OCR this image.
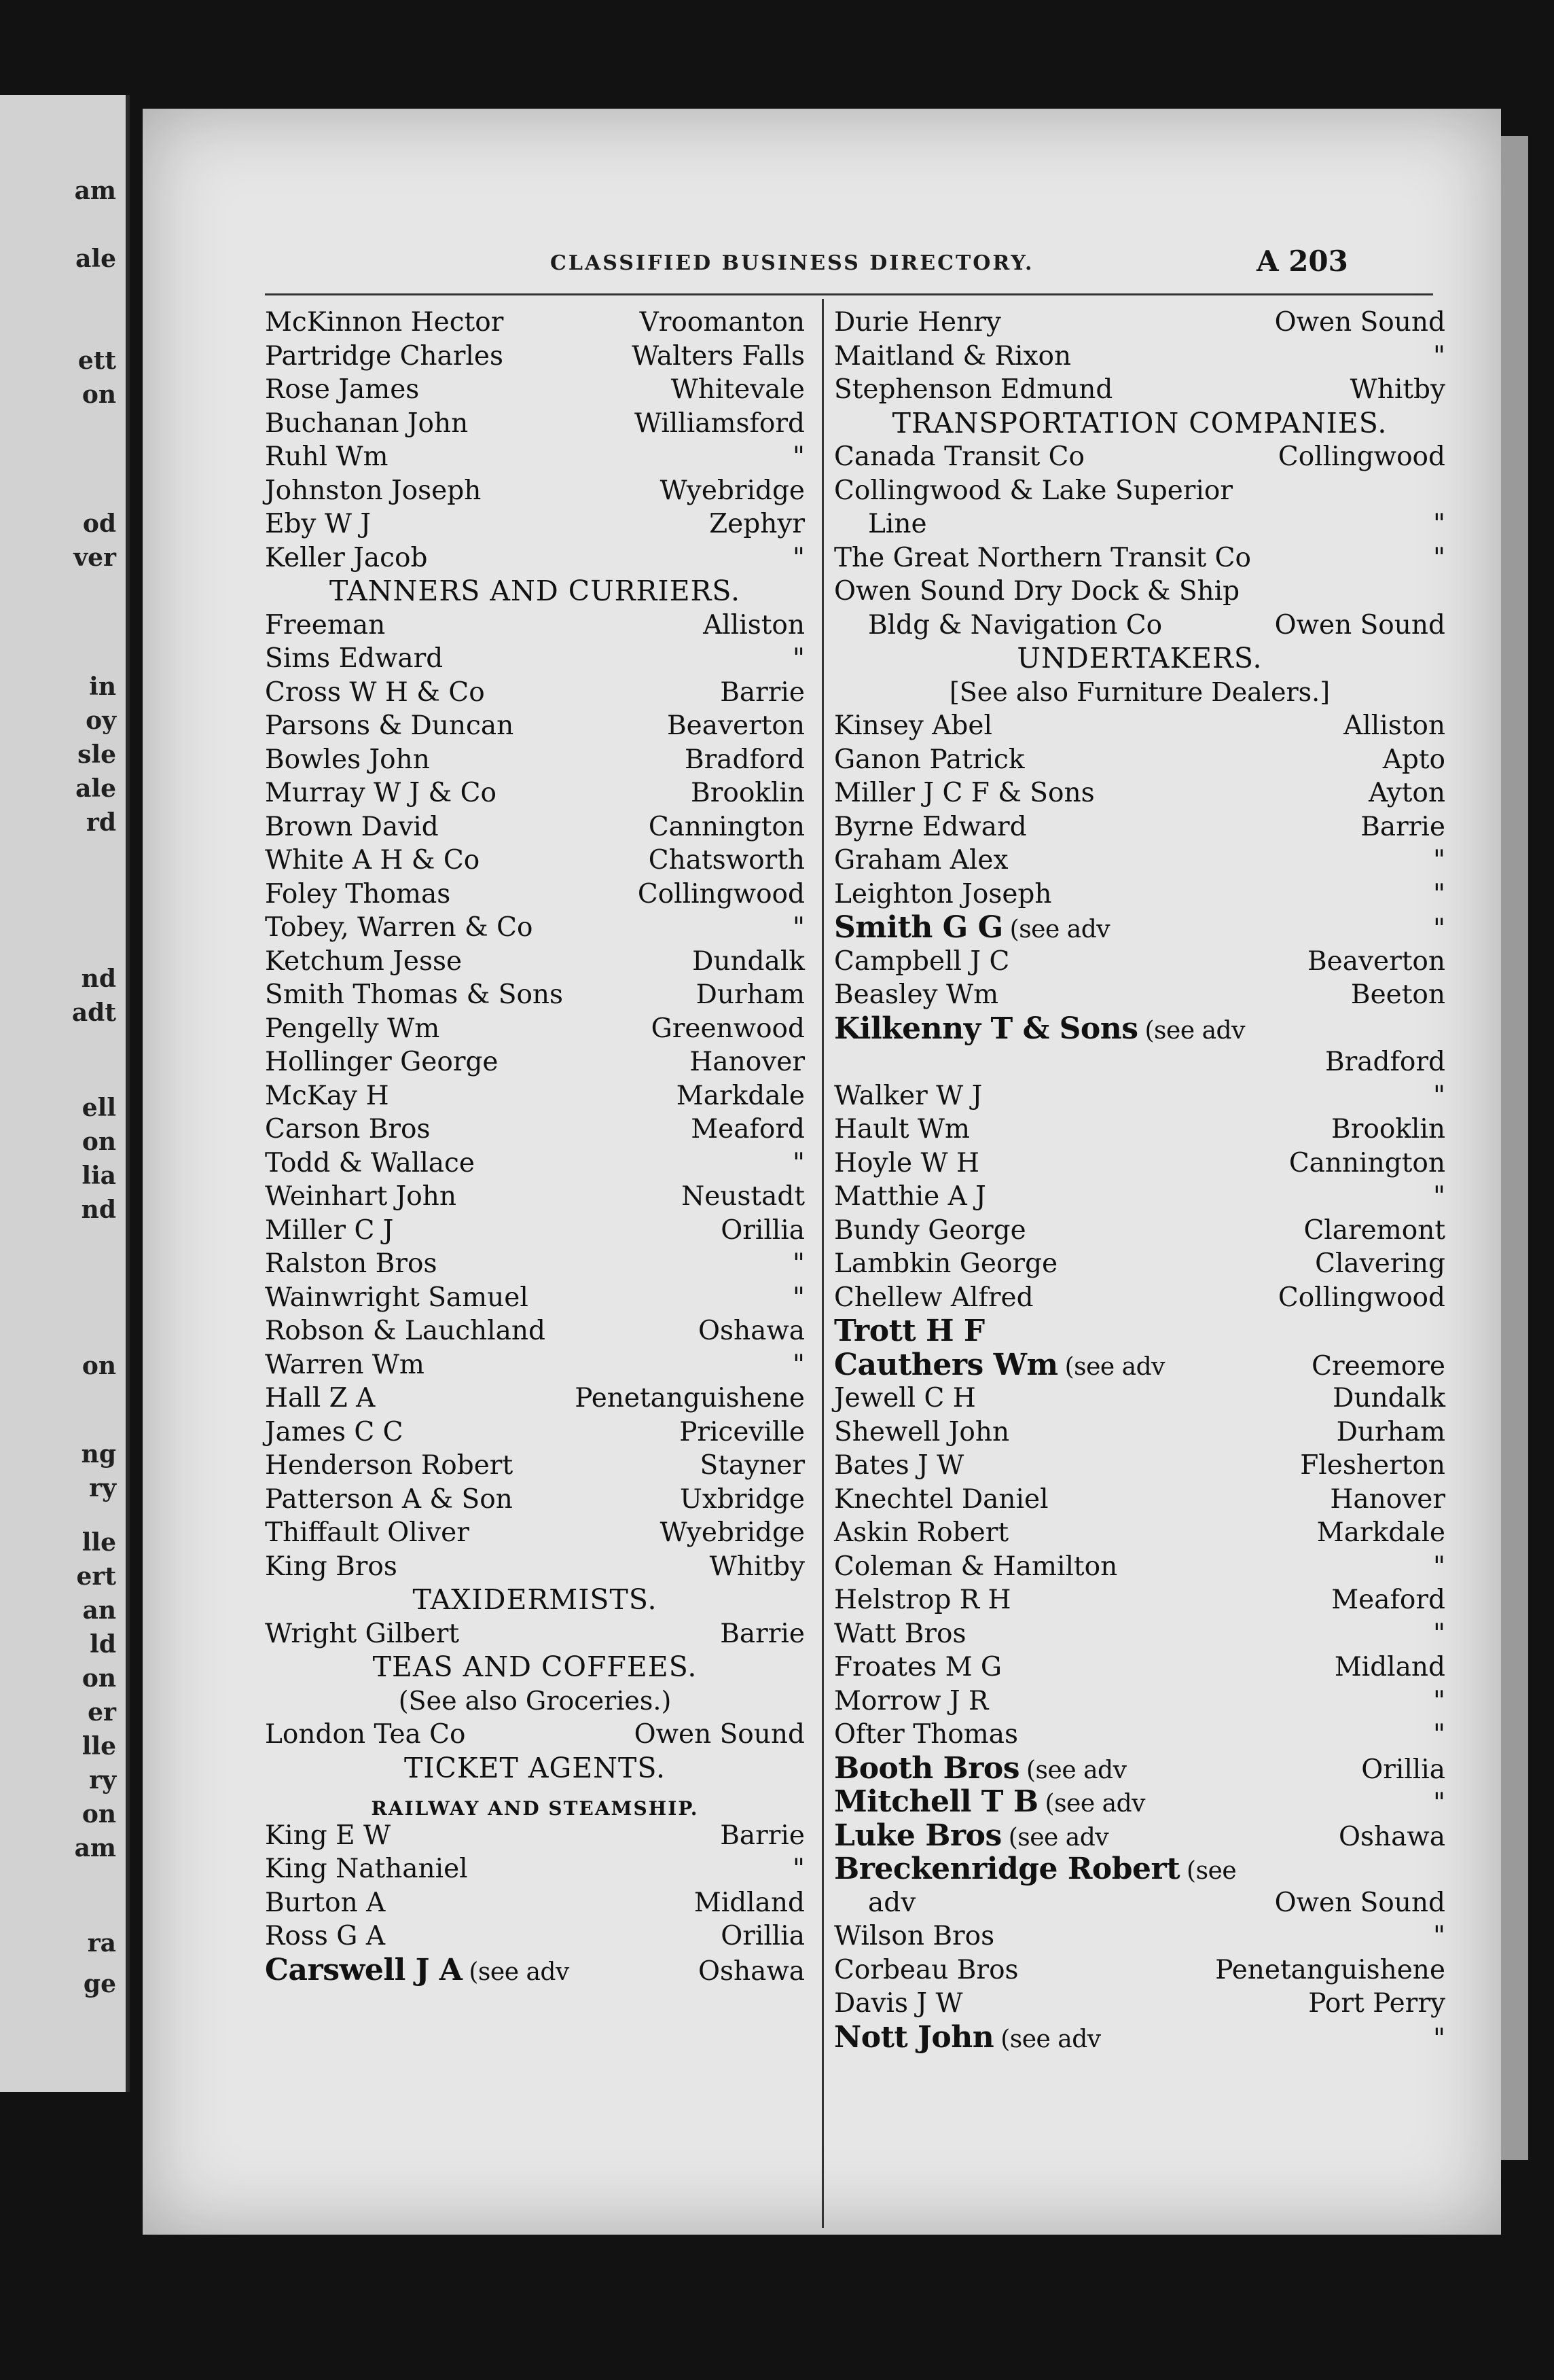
am
ale
ett
on
od
ver
in
oy
sle
ale
rd
nd
adt
ell
on
lia
nd
on
ng
ry
lle
ert
an
ld
on
er
lle
ry
on
am
ra
ge
CLASSIFIED BUSINESS DIRECTORY.	A 203
McKinnon Hector	Vroomanton
Partridge Charles	Walters Falls
Rose James	Whitevale
Buchanan John	Williamsford
Ruhl Wm	"
Johnston Joseph	Wyebridge
Eby W J	Zephyr
Keller Jacob	"
TANNERS AND CURRIERS.
Freeman	Alliston
Sims Edward	"
Cross W H & Co	Barrie
Parsons & Duncan	Beaverton
Bowles John	Bradford
Murray W J & Co	Brooklin
Brown David	Cannington
White A H & Co	Chatsworth
Foley Thomas	Collingwood
Tobey, Warren & Co	"
Ketchum Jesse	Dundalk
Smith Thomas & Sons	Durham
Pengelly Wm	Greenwood
Hollinger George	Hanover
McKay H	Markdale
Carson Bros	Meaford
Todd & Wallace	"
Weinhart John	Neustadt
Miller C J	Orillia
Ralston Bros	"
Wainwright Samuel	"
Robson & Lauchland	Oshawa
Warren Wm	"
Hall Z A	Penetanguishene
James C C	Priceville
Henderson Robert	Stayner
Patterson A & Son	Uxbridge
Thiffault Oliver	Wyebridge
King Bros	Whitby
TAXIDERMISTS.
Wright Gilbert	Barrie
TEAS AND COFFEES.
(See also Groceries.)
London Tea Co	Owen Sound
TICKET AGENTS.
RAILWAY AND STEAMSHIP.
King E W	Barrie
King Nathaniel	"
Burton A	Midland
Ross G A	Orillia
Carswell J A (see adv	Oshawa
Durie Henry	Owen Sound
Maitland & Rixon	"
Stephenson Edmund	Whitby
TRANSPORTATION COMPANIES.
Canada Transit Co	Collingwood
Collingwood & Lake Superior
Line	"
The Great Northern Transit Co	"
Owen Sound Dry Dock & Ship
Bldg & Navigation Co	Owen Sound
UNDERTAKERS.
[See also Furniture Dealers.]
Kinsey Abel	Alliston
Ganon Patrick	Apto
Miller J C F & Sons	Ayton
Byrne Edward	Barrie
Graham Alex	"
Leighton Joseph	"
Smith G G (see adv	"
Campbell J C	Beaverton
Beasley Wm	Beeton
Kilkenny T & Sons (see adv
Bradford
Walker W J	"
Hault Wm	Brooklin
Hoyle W H	Cannington
Matthie A J	"
Bundy George	Claremont
Lambkin George	Clavering
Chellew Alfred	Collingwood
Trott H F
Cauthers Wm (see adv	Creemore
Jewell C H	Dundalk
Shewell John	Durham
Bates J W	Flesherton
Knechtel Daniel	Hanover
Askin Robert	Markdale
Coleman & Hamilton	"
Helstrop R H	Meaford
Watt Bros	"
Froates M G	Midland
Morrow J R	"
Ofter Thomas	"
Booth Bros (see adv	Orillia
Mitchell T B (see adv	"
Luke Bros (see adv	Oshawa
Breckenridge Robert (see
adv	Owen Sound
Wilson Bros	"
Corbeau Bros	Penetanguishene
Davis J W	Port Perry
Nott John (see adv	"
